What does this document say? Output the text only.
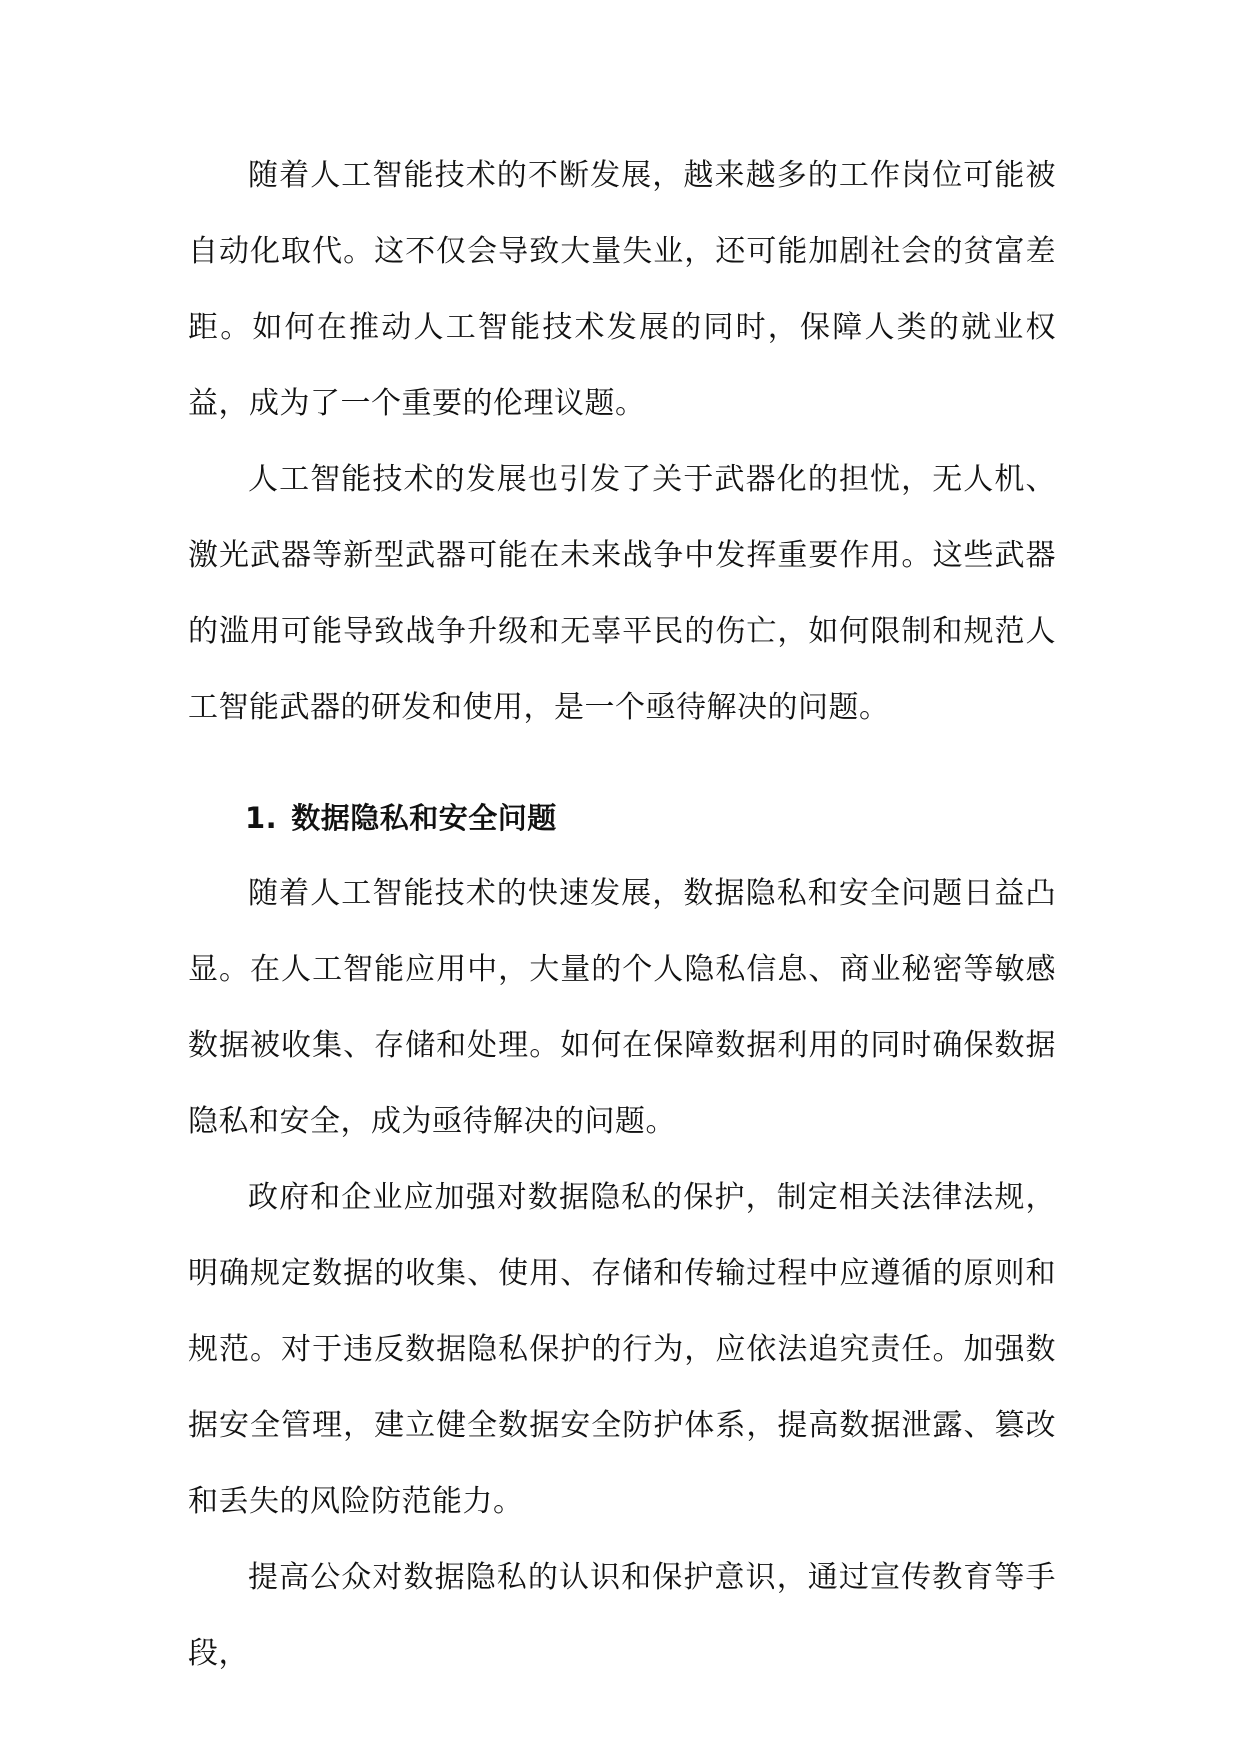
随着人工智能技术的不断发展，越来越多的工作岗位可能被自动化取代。这不仅会导致大量失业，还可能加剧社会的贫富差距。如何在推动人工智能技术发展的同时，保障人类的就业权益，成为了一个重要的伦理议题。

人工智能技术的发展也引发了关于武器化的担忧，无人机、激光武器等新型武器可能在未来战争中发挥重要作用。这些武器的滥用可能导致战争升级和无辜平民的伤亡，如何限制和规范人工智能武器的研发和使用，是一个亟待解决的问题。

1. 数据隐私和安全问题

随着人工智能技术的快速发展，数据隐私和安全问题日益凸显。在人工智能应用中，大量的个人隐私信息、商业秘密等敏感数据被收集、存储和处理。如何在保障数据利用的同时确保数据隐私和安全，成为亟待解决的问题。

政府和企业应加强对数据隐私的保护，制定相关法律法规，明确规定数据的收集、使用、存储和传输过程中应遵循的原则和规范。对于违反数据隐私保护的行为，应依法追究责任。加强数据安全管理，建立健全数据安全防护体系，提高数据泄露、篡改和丢失的风险防范能力。

提高公众对数据隐私的认识和保护意识，通过宣传教育等手段，
